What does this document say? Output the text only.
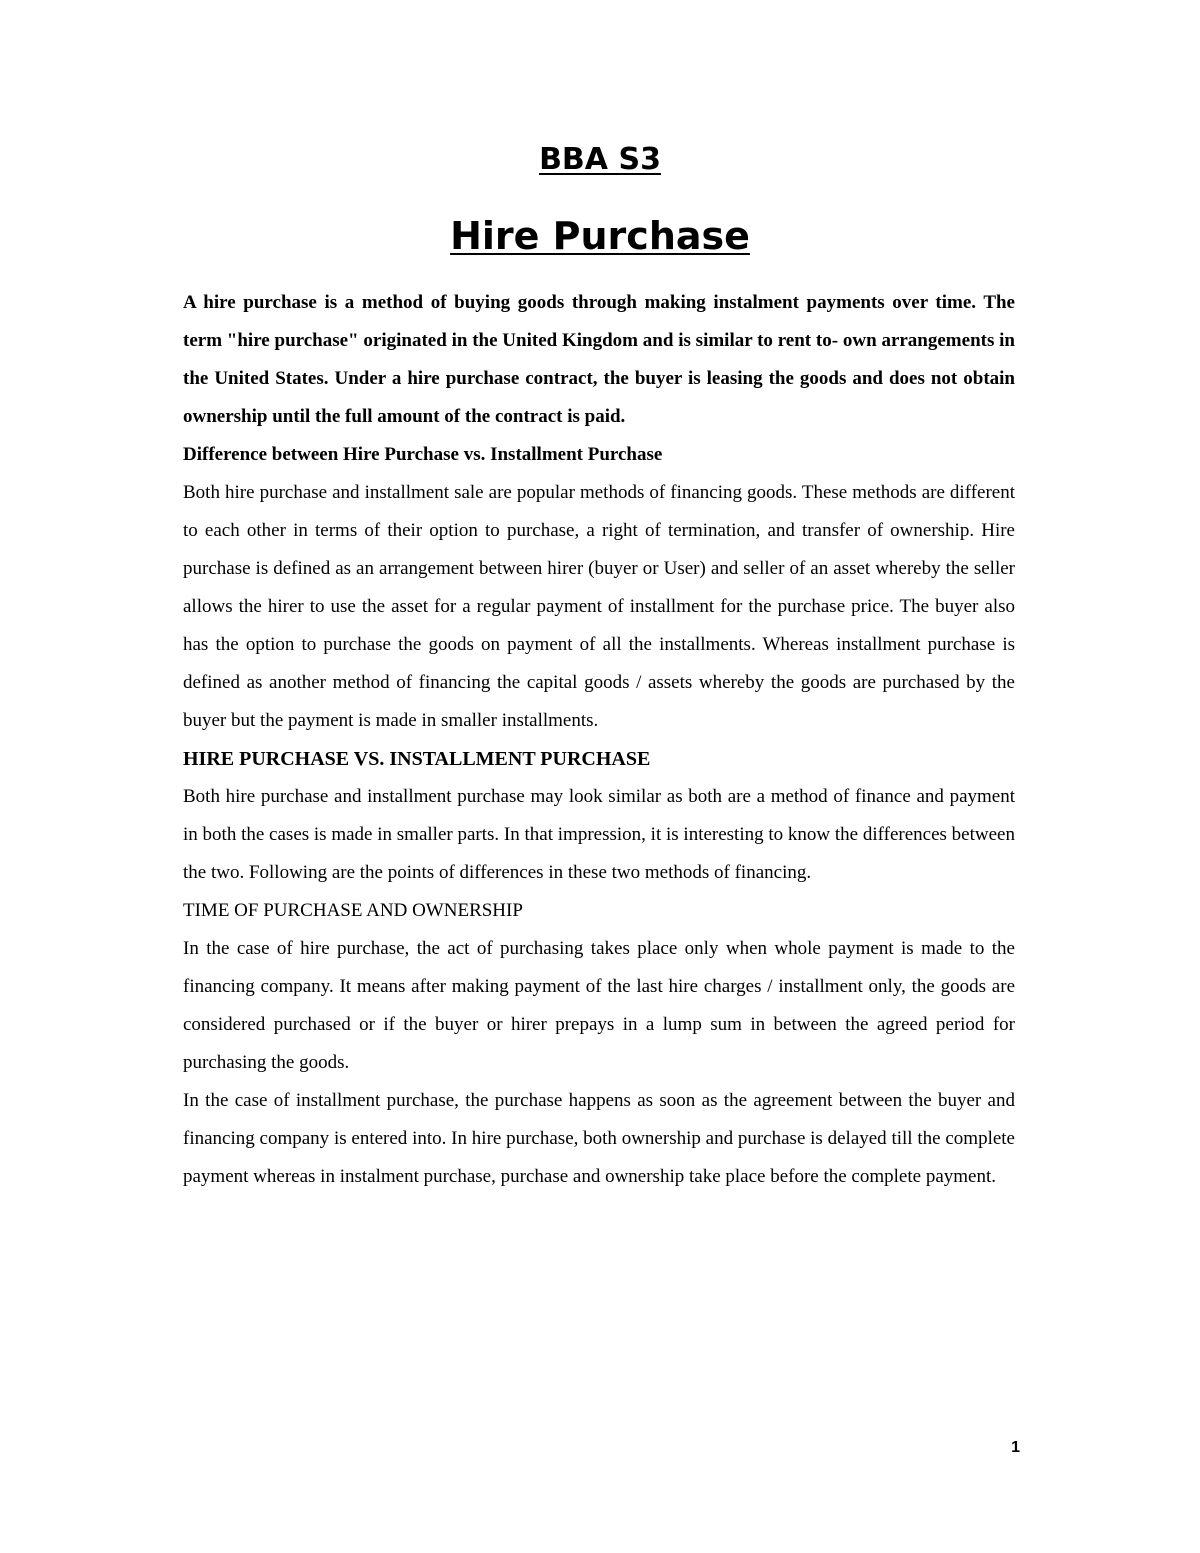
BBA S3
Hire Purchase

A hire purchase is a method of buying goods through making instalment payments over time. The term "hire purchase" originated in the United Kingdom and is similar to rent to- own arrangements in the United States. Under a hire purchase contract, the buyer is leasing the goods and does not obtain ownership until the full amount of the contract is paid.

Difference between Hire Purchase vs. Installment Purchase

Both hire purchase and installment sale are popular methods of financing goods. These methods are different to each other in terms of their option to purchase, a right of termination, and transfer of ownership. Hire purchase is defined as an arrangement between hirer (buyer or User) and seller of an asset whereby the seller allows the hirer to use the asset for a regular payment of installment for the purchase price. The buyer also has the option to purchase the goods on payment of all the installments. Whereas installment purchase is defined as another method of financing the capital goods / assets whereby the goods are purchased by the buyer but the payment is made in smaller installments.

HIRE PURCHASE VS. INSTALLMENT PURCHASE

Both hire purchase and installment purchase may look similar as both are a method of finance and payment in both the cases is made in smaller parts. In that impression, it is interesting to know the differences between the two. Following are the points of differences in these two methods of financing.

TIME OF PURCHASE AND OWNERSHIP

In the case of hire purchase, the act of purchasing takes place only when whole payment is made to the financing company. It means after making payment of the last hire charges / installment only, the goods are considered purchased or if the buyer or hirer prepays in a lump sum in between the agreed period for purchasing the goods.

In the case of installment purchase, the purchase happens as soon as the agreement between the buyer and financing company is entered into. In hire purchase, both ownership and purchase is delayed till the complete payment whereas in instalment purchase, purchase and ownership take place before the complete payment.

1
